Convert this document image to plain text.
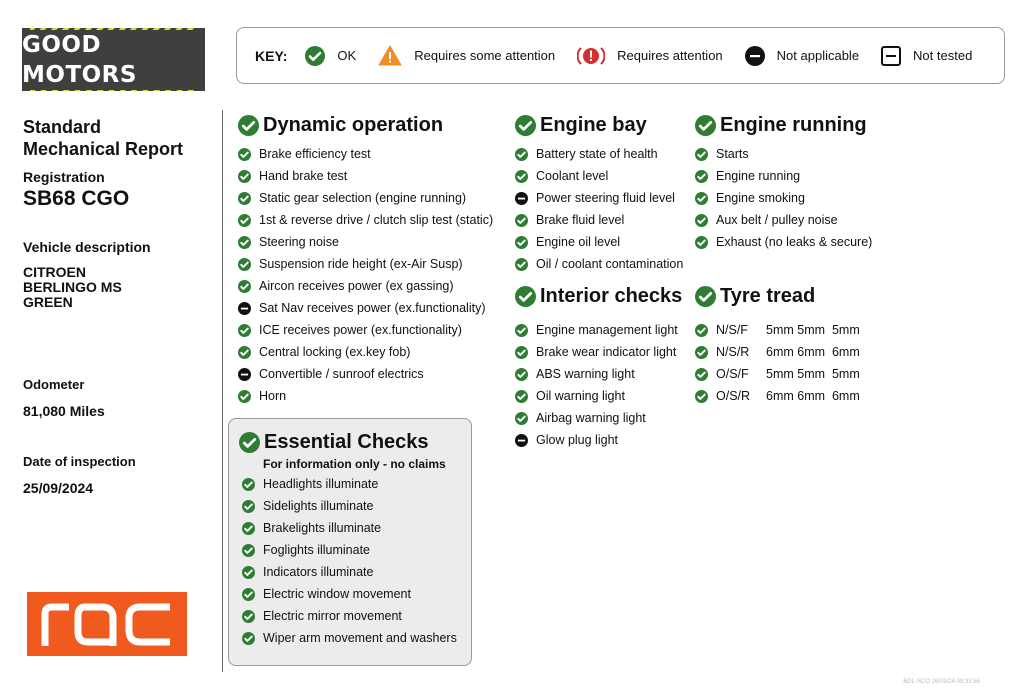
GOOD MOTORS
KEY:	OK	Requires some attention	Requires attention	Not applicable	Not tested
Standard
Mechanical Report
Registration
SB68 CGO
Vehicle description
CITROEN
BERLINGO MS
GREEN
Odometer
81,080 Miles
Date of inspection
25/09/2024
Dynamic operation
Brake efficiency test
Hand brake test
Static gear selection (engine running)
1st & reverse drive / clutch slip test (static)
Steering noise
Suspension ride height (ex-Air Susp)
Aircon receives power (ex gassing)
Sat Nav receives power (ex.functionality)
ICE receives power (ex.functionality)
Central locking (ex.key fob)
Convertible / sunroof electrics
Horn
Essential Checks
For information only - no claims
Headlights illuminate
Sidelights illuminate
Brakelights illuminate
Foglights illuminate
Indicators illuminate
Electric window movement
Electric mirror movement
Wiper arm movement and washers
Engine bay
Battery state of health
Coolant level
Power steering fluid level
Brake fluid level
Engine oil level
Oil / coolant contamination
Interior checks
Engine management light
Brake wear indicator light
ABS warning light
Oil warning light
Airbag warning light
Glow plug light
Engine running
Starts
Engine running
Engine smoking
Aux belt / pulley noise
Exhaust (no leaks & secure)
Tyre tread
N/S/F	5mm 5mm  5mm
N/S/R	6mm 6mm  6mm
O/S/F	5mm 5mm  5mm
O/S/R	6mm 6mm  6mm
BDL-SCO 26/09/24 09:33:56
